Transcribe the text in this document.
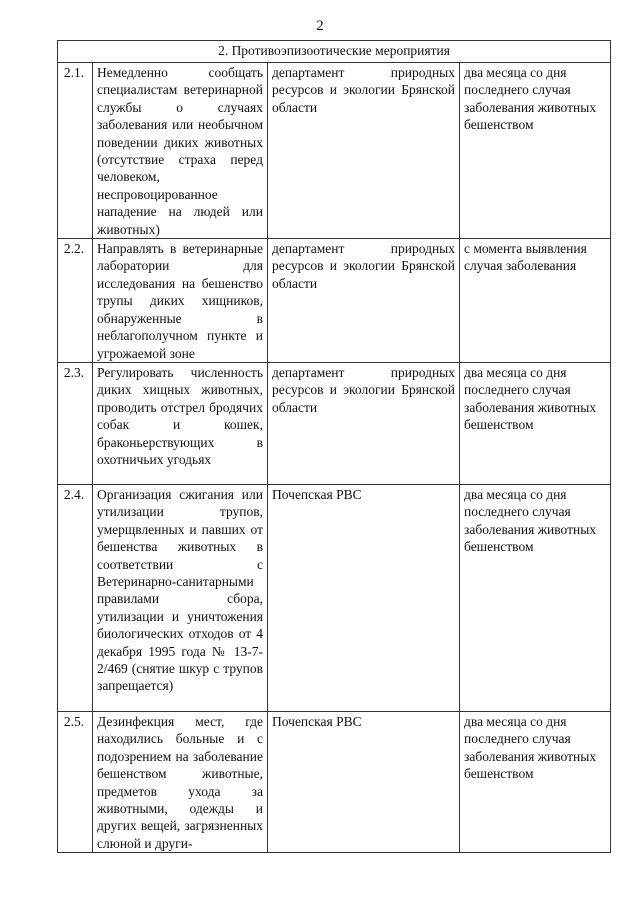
2
2. Противоэпизоотические мероприятия			
2.1.	Немедленно сообщать специалистам ветеринарной службы о случаях заболевания или необычном поведении диких животных (отсутствие страха перед человеком, неспровоцированное нападение на людей или животных)	департамент природных ресурсов и экологии Брянской области	два месяца со дня последнего случая заболевания животных бешенством
2.2.	Направлять в ветеринарные лаборатории для исследования на бешенство трупы диких хищников, обнаруженные в неблагополучном пункте и угрожаемой зоне	департамент природных ресурсов и экологии Брянской области	с момента выявления случая заболевания
2.3.	Регулировать численность диких хищных животных, проводить отстрел бродячих собак и кошек, браконьерствующих в охотничьих угодьях	департамент природных ресурсов и экологии Брянской области	два месяца со дня последнего случая заболевания животных бешенством
2.4.	Организация сжигания или утилизации трупов, умерщвленных и павших от бешенства животных в соответствии с Ветеринарно-санитарными правилами сбора, утилизации и уничтожения биологических отходов от 4 декабря 1995 года № 13-7-2/469 (снятие шкур с трупов запрещается)	Почепская РВС	два месяца со дня последнего случая заболевания животных бешенством
2.5.	Дезинфекция мест, где находились больные и с подозрением на заболевание бешенством животные, предметов ухода за животными, одежды и других вещей, загрязненных слюной и други-	Почепская РВС	два месяца со дня последнего случая заболевания животных бешенством
